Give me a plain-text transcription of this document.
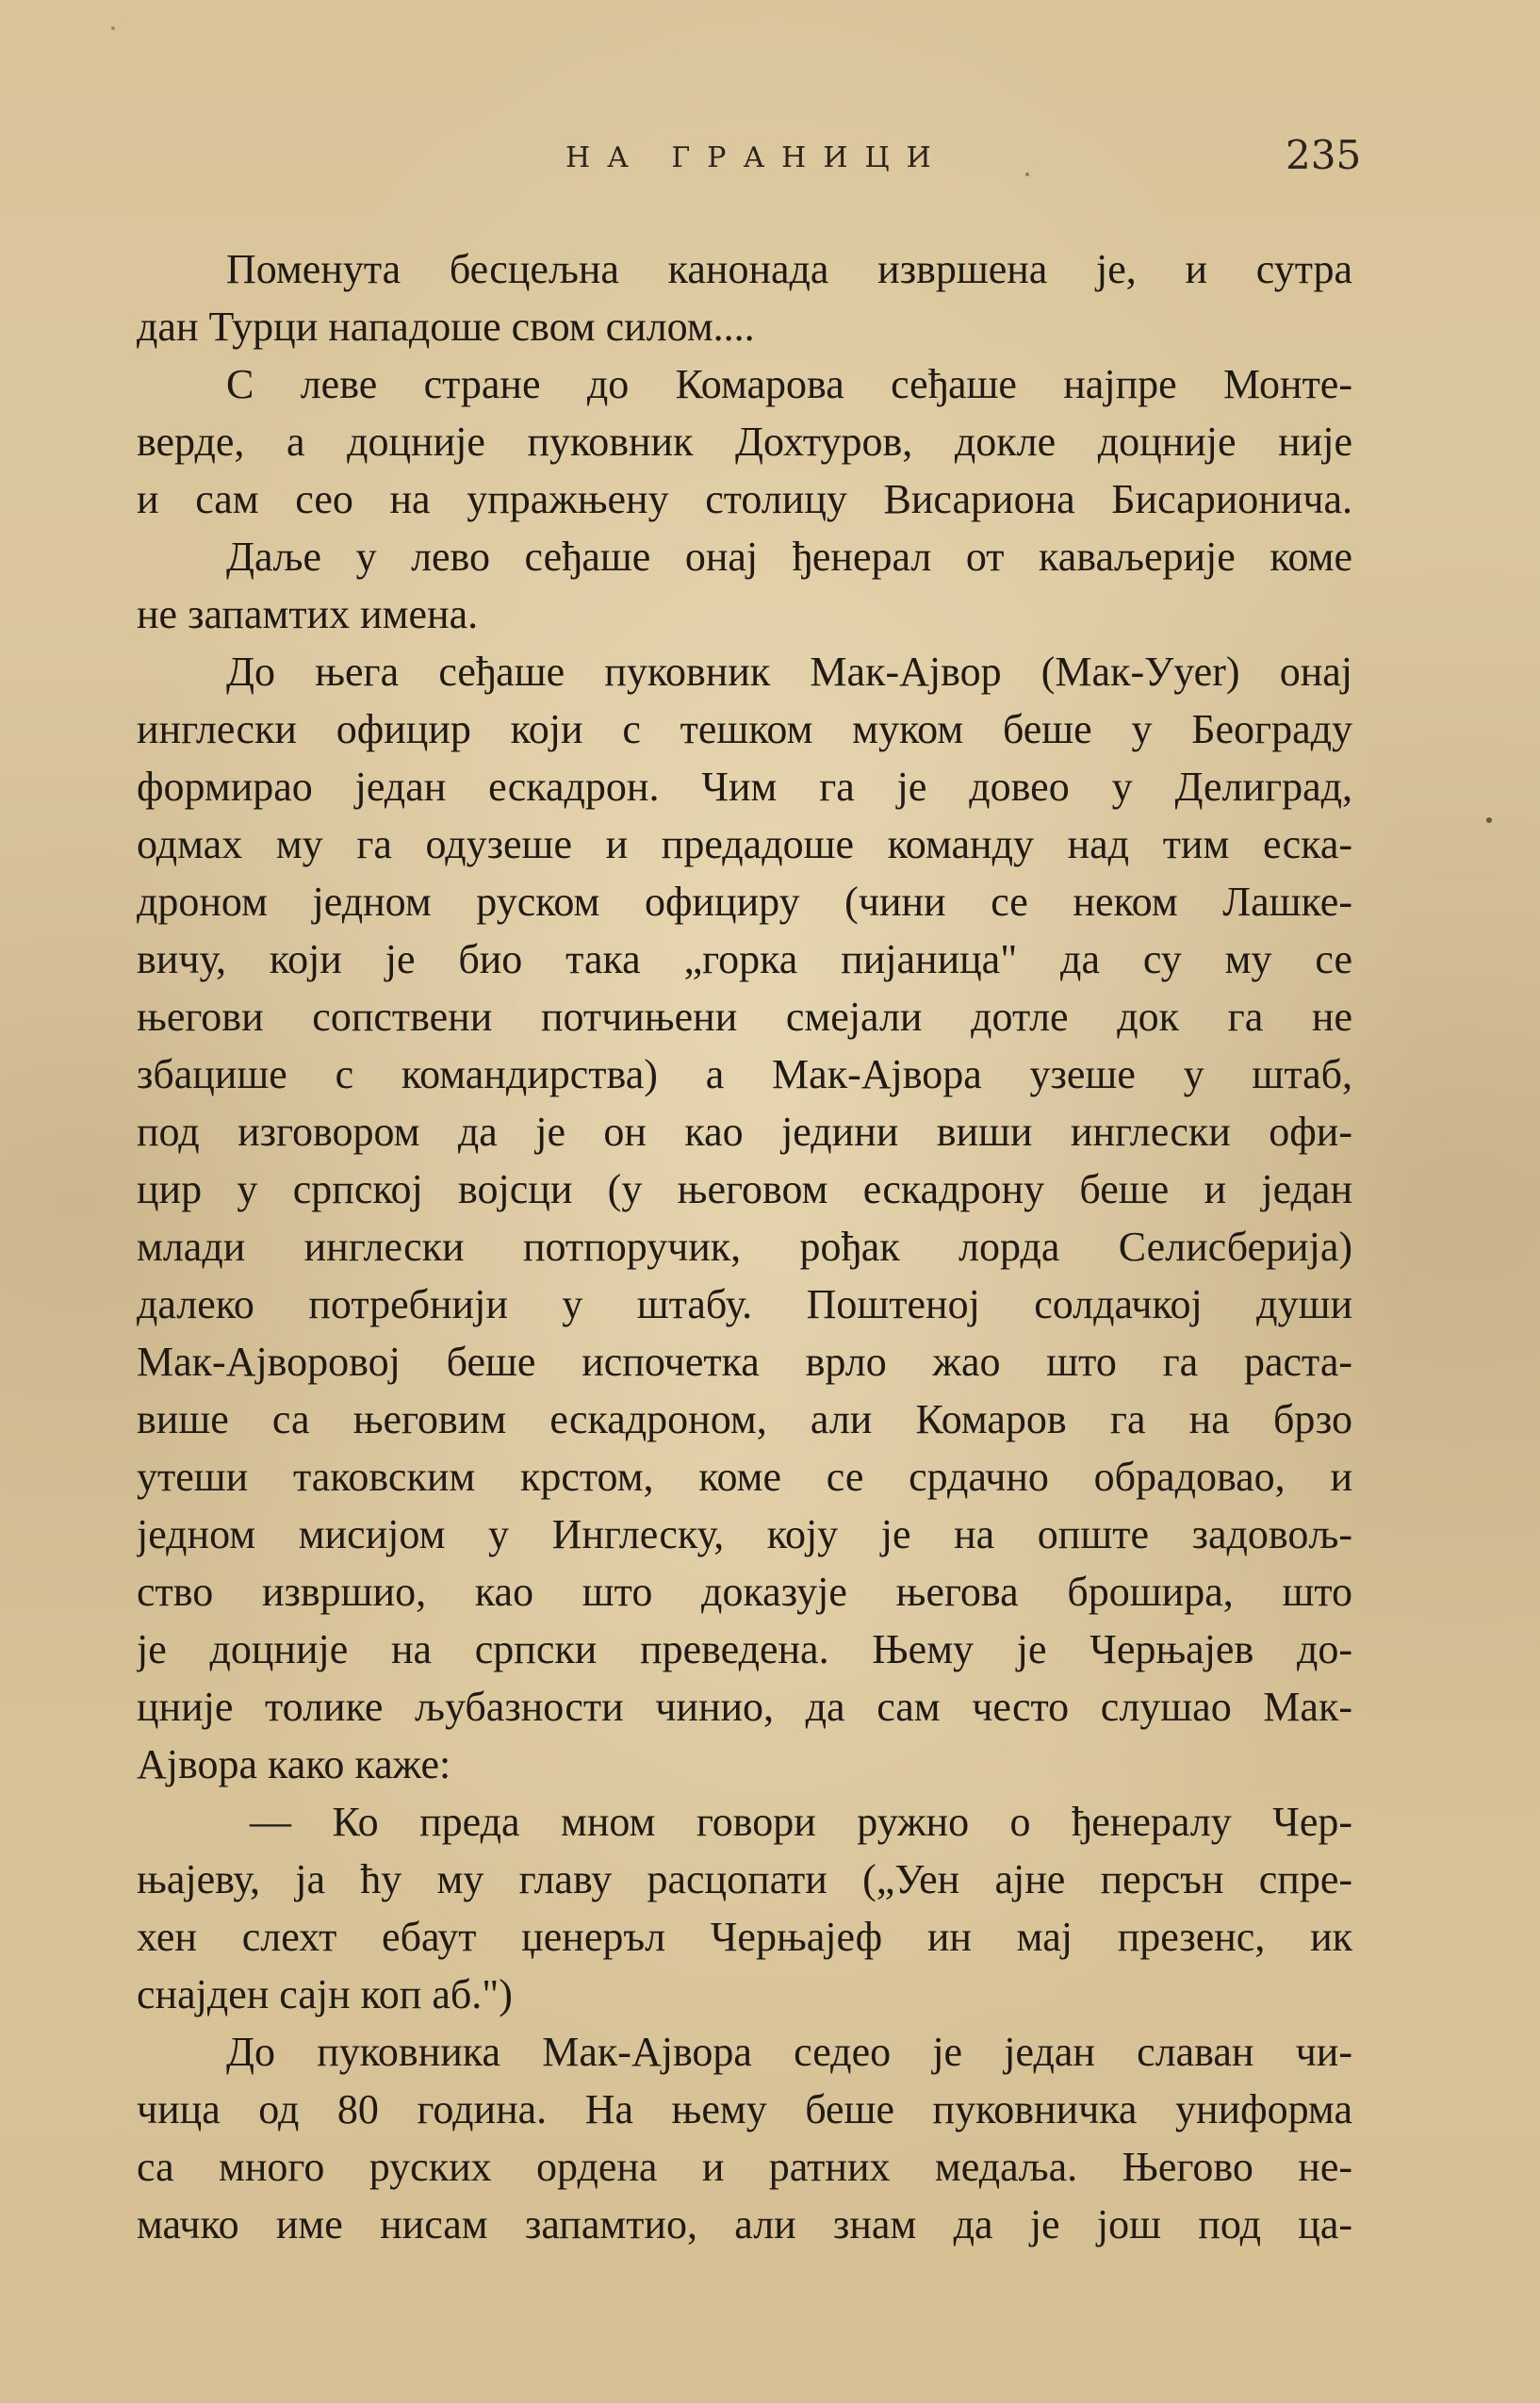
НА ГРАНИЦИ	235
Поменута бесцељна канонада извршена је, и сутра
дан Турци нападоше свом силом....
С леве стране до Комарова сеђаше најпре Монте-
верде, а доцније пуковник Дохтуров, докле доцније није
и сам сео на упражњену столицу Висариона Бисарионича.
Даље у лево сеђаше онај ђенерал от каваљерије коме
не запамтих имена.
До њега сеђаше пуковник Мак-Ајвор (Мак-Ууеr) онај
инглески официр који с тешком муком беше у Београду
формирао један ескадрон. Чим га је довео у Делиград,
одмах му га одузеше и предадоше команду над тим еска-
дроном једном руском официру (чини се неком Лашке-
вичу, који је био така „горка пијаница" да су му се
његови сопствени потчињени смејали дотле док га не
збацише с командирства) а Мак-Ајвора узеше у штаб,
под изговором да је он као једини виши инглески офи-
цир у српској војсци (у његовом ескадрону беше и један
млади инглески потпоручик, рођак лорда Селисберија)
далеко потребнији у штабу. Поштеној солдачкој души
Мак-Ајворовој беше испочетка врло жао што га раста-
више са његовим ескадроном, али Комаров га на брзо
утеши таковским крстом, коме се срдачно обрадовао, и
једном мисијом у Инглеску, коју је на опште задовољ-
ство извршио, као што доказује његова брошира, што
је доцније на српски преведена. Њему је Черњајев до-
цније толике љубазности чинио, да сам често слушао Мак-
Ајвора како каже:
— Ко преда мном говори ружно о ђенералу Чер-
њајеву, ја ћу му главу расцопати („Уен ајне персън спре-
хен слехт ебаут џенеръл Черњајеф ин мај презенс, ик
снајден сајн коп аб.")
До пуковника Мак-Ајвора седео је један славан чи-
чица од 80 година. На њему беше пуковничка униформа
са много руских ордена и ратних медаља. Његово не-
мачко име нисам запамтио, али знам да је још под ца-
